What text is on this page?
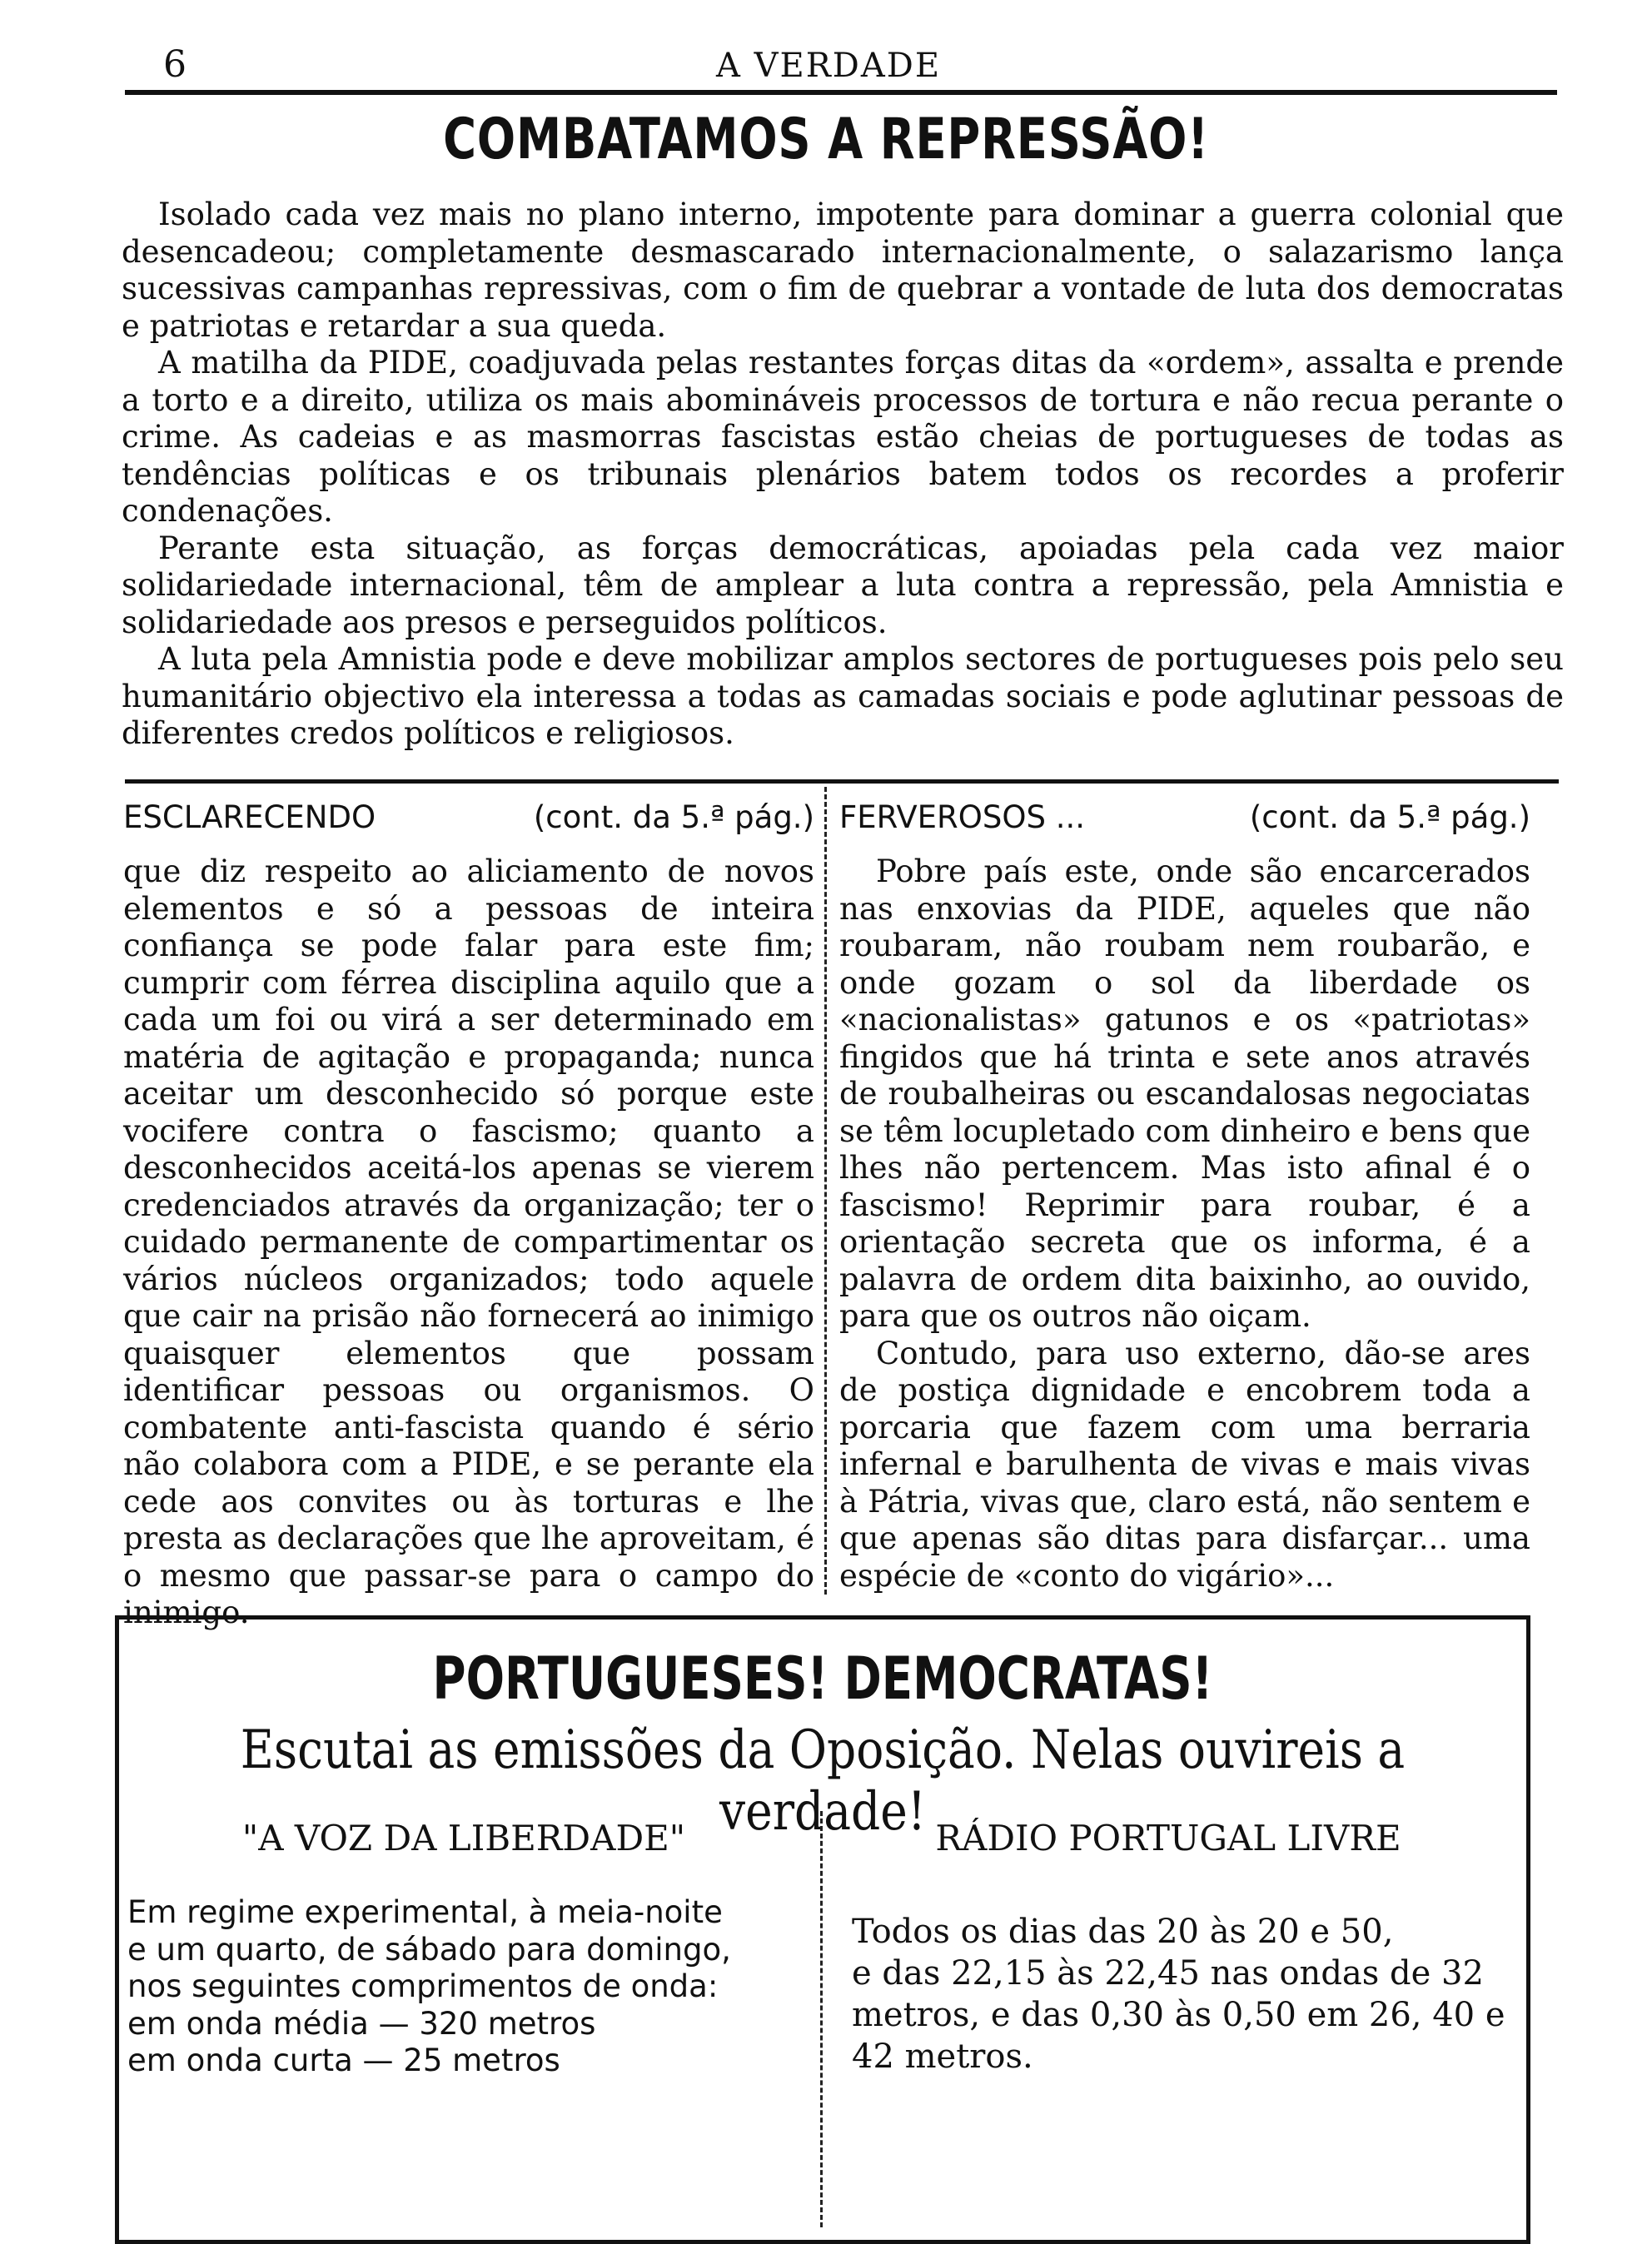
6	A VERDADE
COMBATAMOS A REPRESSÃO!

Isolado cada vez mais no plano interno, impotente para dominar a guerra colonial que desencadeou; completamente desmascarado internacionalmente, o salazarismo lança sucessivas campanhas repressivas, com o fim de quebrar a vontade de luta dos democratas e patriotas e retardar a sua queda.

A matilha da PIDE, coadjuvada pelas restantes forças ditas da «ordem», assalta e prende a torto e a direito, utiliza os mais abomináveis processos de tortura e não recua perante o crime. As cadeias e as masmorras fascistas estão cheias de portugueses de todas as tendências políticas e os tribunais plenários batem todos os recordes a proferir condenações.

Perante esta situação, as forças democráticas, apoiadas pela cada vez maior solidariedade internacional, têm de amplear a luta contra a repressão, pela Amnistia e solidariedade aos presos e perseguidos políticos.

A luta pela Amnistia pode e deve mobilizar amplos sectores de portugueses pois pelo seu humanitário objectivo ela interessa a todas as camadas sociais e pode aglutinar pessoas de diferentes credos políticos e religiosos.

ESCLARECENDO	(cont. da 5.ª pág.)

que diz respeito ao aliciamento de novos elementos e só a pessoas de inteira confiança se pode falar para este fim; cumprir com férrea disciplina aquilo que a cada um foi ou virá a ser determinado em matéria de agitação e propaganda; nunca aceitar um desconhecido só porque este vocifere contra o fascismo; quanto a desconhecidos aceitá-los apenas se vierem credenciados através da organização; ter o cuidado permanente de compartimentar os vários núcleos organizados; todo aquele que cair na prisão não fornecerá ao inimigo quaisquer elementos que possam identificar pessoas ou organismos. O combatente anti-fascista quando é sério não colabora com a PIDE, e se perante ela cede aos convites ou às torturas e lhe presta as declarações que lhe aproveitam, é o mesmo que passar-se para o campo do inimigo.

FERVEROSOS ...	(cont. da 5.ª pág.)

Pobre país este, onde são encarcerados nas enxovias da PIDE, aqueles que não roubaram, não roubam nem roubarão, e onde gozam o sol da liberdade os «nacionalistas» gatunos e os «patriotas» fingidos que há trinta e sete anos através de roubalheiras ou escandalosas negociatas se têm locupletado com dinheiro e bens que lhes não pertencem. Mas isto afinal é o fascismo! Reprimir para roubar, é a orientação secreta que os informa, é a palavra de ordem dita baixinho, ao ouvido, para que os outros não oiçam.

Contudo, para uso externo, dão-se ares de postiça dignidade e encobrem toda a porcaria que fazem com uma berraria infernal e barulhenta de vivas e mais vivas à Pátria, vivas que, claro está, não sentem e que apenas são ditas para disfarçar... uma espécie de «conto do vigário»...

PORTUGUESES! DEMOCRATAS!
Escutai as emissões da Oposição. Nelas ouvireis a verdade!
"A VOZ DA LIBERDADE"
Em regime experimental, à meia-noite
e um quarto, de sábado para domingo,
nos seguintes comprimentos de onda:
em onda média — 320 metros
em onda curta — 25 metros
RÁDIO PORTUGAL LIVRE
Todos os dias das 20 às 20 e 50,
e das 22,15 às 22,45 nas ondas de 32
metros, e das 0,30 às 0,50 em 26, 40 e
42 metros.
